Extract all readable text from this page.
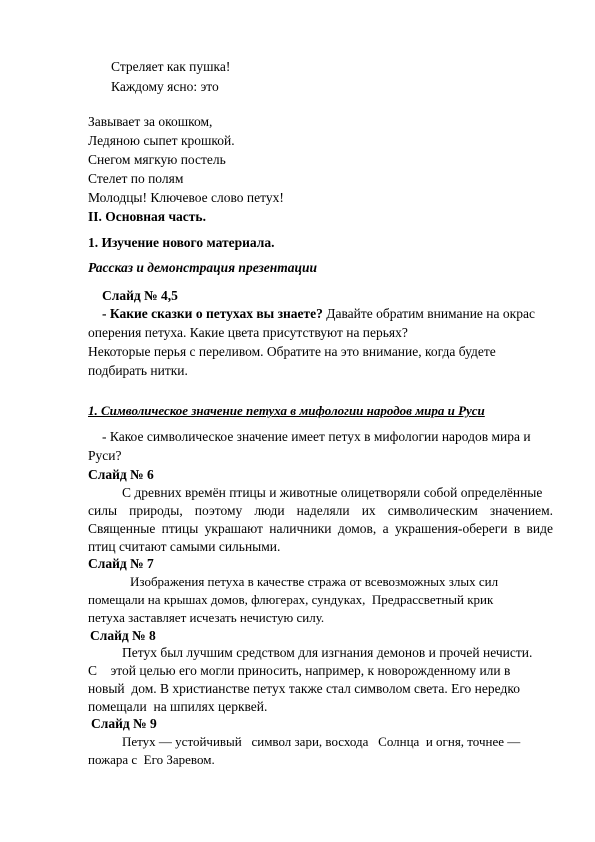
Стреляет как пушка!
Каждому ясно: это
Завывает за окошком,
Ледяною сыпет крошкой.
Снегом мягкую постель
Стелет по полям
Молодцы! Ключевое слово петух!
II. Основная часть.
1. Изучение нового материала.
Рассказ и демонстрация презентации
Слайд № 4,5
- Какие сказки о петухах вы знаете? Давайте обратим внимание на окрас
оперения петуха. Какие цвета присутствуют на перьях?
Некоторые перья с переливом. Обратите на это внимание, когда будете
подбирать нитки.
1. Символическое значение петуха в мифологии народов мира и Руси
- Какое символическое значение имеет петух в мифологии народов мира и
Руси?
Слайд № 6
С древних времён птицы и животные олицетворяли собой определённые
силы природы, поэтому люди наделяли их символическим значением.
Священные птицы украшают наличники домов, а украшения-обереги в виде
птиц считают самыми сильными.
Слайд № 7
Изображения петуха в качестве стража от всевозможных злых сил
помещали на крышах домов, флюгерах, сундуках,  Предрассветный крик
петуха заставляет исчезать нечистую силу.
Слайд № 8
Петух был лучшим средством для изгнания демонов и прочей нечисти.
С    этой целью его могли приносить, например, к новорожденному или в
новый  дом. В христианстве петух также стал символом света. Его нередко
помещали  на шпилях церквей.
Слайд № 9
Петух — устойчивый   символ зари, восхода   Солнца  и огня, точнее —
пожара с  Его Заревом.
